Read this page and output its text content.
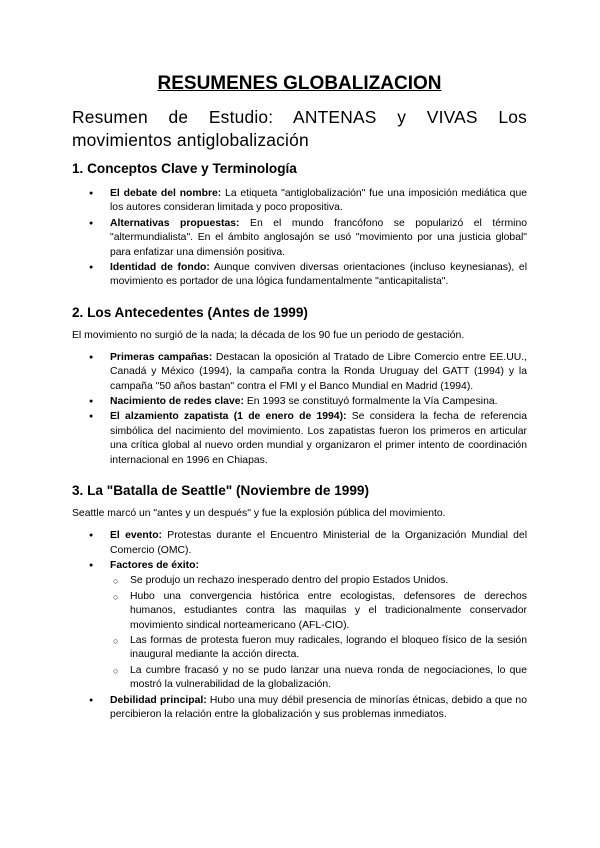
RESUMENES GLOBALIZACION
Resumen de Estudio: ANTENAS y VIVAS Los movimientos antiglobalización
1. Conceptos Clave y Terminología
● El debate del nombre: La etiqueta "antiglobalización" fue una imposición mediática que los autores consideran limitada y poco propositiva.
● Alternativas propuestas: En el mundo francófono se popularizó el término "altermundialista". En el ámbito anglosajón se usó "movimiento por una justicia global" para enfatizar una dimensión positiva.
● Identidad de fondo: Aunque conviven diversas orientaciones (incluso keynesianas), el movimiento es portador de una lógica fundamentalmente "anticapitalista".
2. Los Antecedentes (Antes de 1999)

El movimiento no surgió de la nada; la década de los 90 fue un periodo de gestación.

● Primeras campañas: Destacan la oposición al Tratado de Libre Comercio entre EE.UU., Canadá y México (1994), la campaña contra la Ronda Uruguay del GATT (1994) y la campaña "50 años bastan" contra el FMI y el Banco Mundial en Madrid (1994).
● Nacimiento de redes clave: En 1993 se constituyó formalmente la Vía Campesina.
● El alzamiento zapatista (1 de enero de 1994): Se considera la fecha de referencia simbólica del nacimiento del movimiento. Los zapatistas fueron los primeros en articular una crítica global al nuevo orden mundial y organizaron el primer intento de coordinación internacional en 1996 en Chiapas.
3. La "Batalla de Seattle" (Noviembre de 1999)

Seattle marcó un "antes y un después" y fue la explosión pública del movimiento.

● El evento: Protestas durante el Encuentro Ministerial de la Organización Mundial del Comercio (OMC).
● Factores de éxito:
○ Se produjo un rechazo inesperado dentro del propio Estados Unidos.
○ Hubo una convergencia histórica entre ecologistas, defensores de derechos humanos, estudiantes contra las maquilas y el tradicionalmente conservador movimiento sindical norteamericano (AFL-CIO).
○ Las formas de protesta fueron muy radicales, logrando el bloqueo físico de la sesión inaugural mediante la acción directa.
○ La cumbre fracasó y no se pudo lanzar una nueva ronda de negociaciones, lo que mostró la vulnerabilidad de la globalización.
● Debilidad principal: Hubo una muy débil presencia de minorías étnicas, debido a que no percibieron la relación entre la globalización y sus problemas inmediatos.
